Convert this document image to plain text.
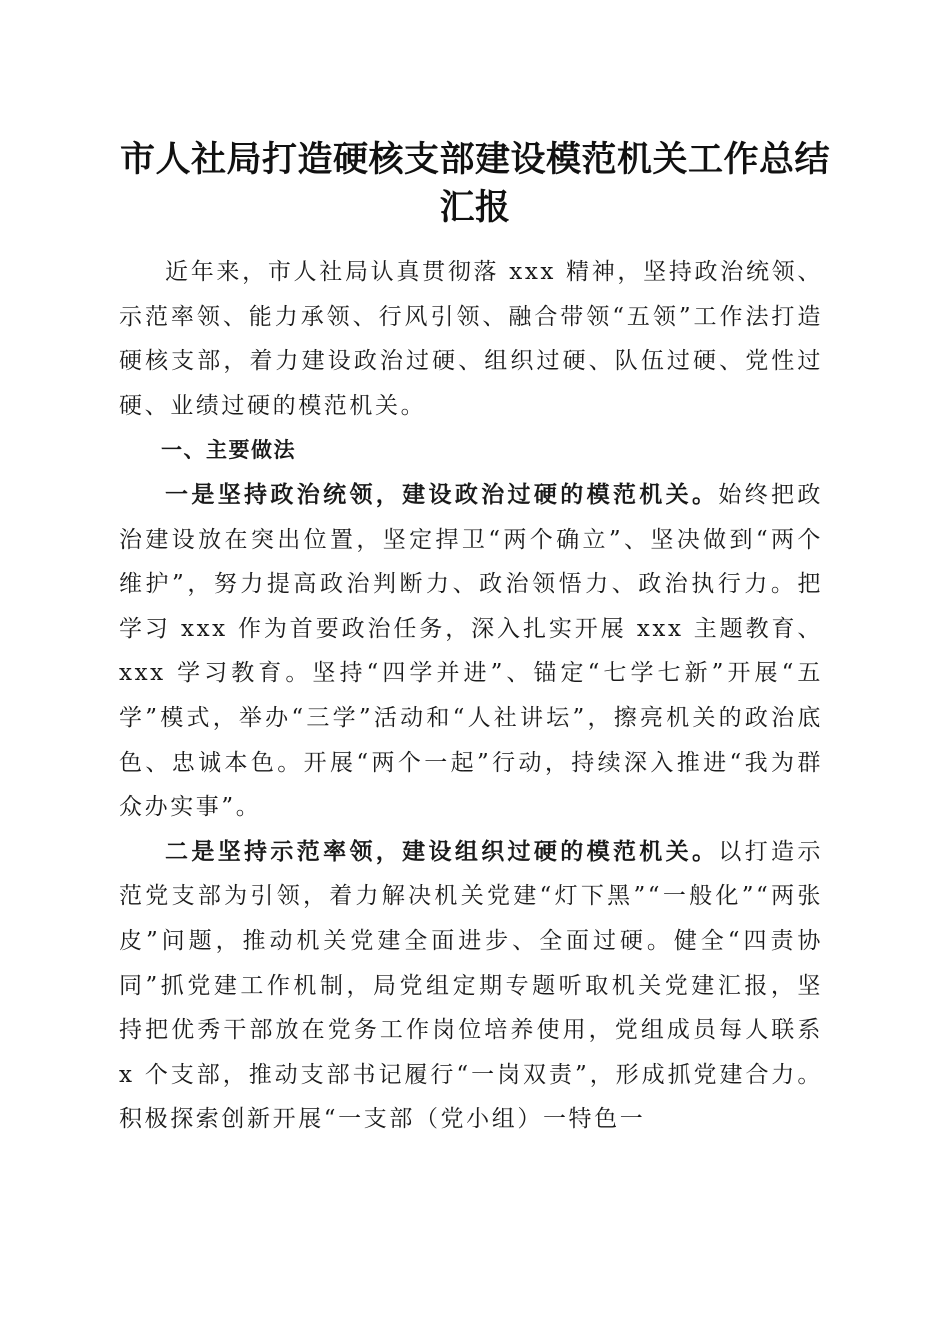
市人社局打造硬核支部建设模范机关工作总结汇报

近年来，市人社局认真贯彻落 xxx 精神，坚持政治统领、示范率领、能力承领、行风引领、融合带领“五领”工作法打造硬核支部，着力建设政治过硬、组织过硬、队伍过硬、党性过硬、业绩过硬的模范机关。

一、主要做法

一是坚持政治统领，建设政治过硬的模范机关。始终把政治建设放在突出位置，坚定捍卫“两个确立”、坚决做到“两个维护”，努力提高政治判断力、政治领悟力、政治执行力。把学习 xxx 作为首要政治任务，深入扎实开展 xxx 主题教育、xxx 学习教育。坚持“四学并进”、锚定“七学七新”开展“五学”模式，举办“三学”活动和“人社讲坛”，擦亮机关的政治底色、忠诚本色。开展“两个一起”行动，持续深入推进“我为群众办实事”。

二是坚持示范率领，建设组织过硬的模范机关。以打造示范党支部为引领，着力解决机关党建“灯下黑”“一般化”“两张皮”问题，推动机关党建全面进步、全面过硬。健全“四责协同”抓党建工作机制，局党组定期专题听取机关党建汇报，坚持把优秀干部放在党务工作岗位培养使用，党组成员每人联系 x 个支部，推动支部书记履行“一岗双责”，形成抓党建合力。积极探索创新开展“一支部（党小组）一特色一
